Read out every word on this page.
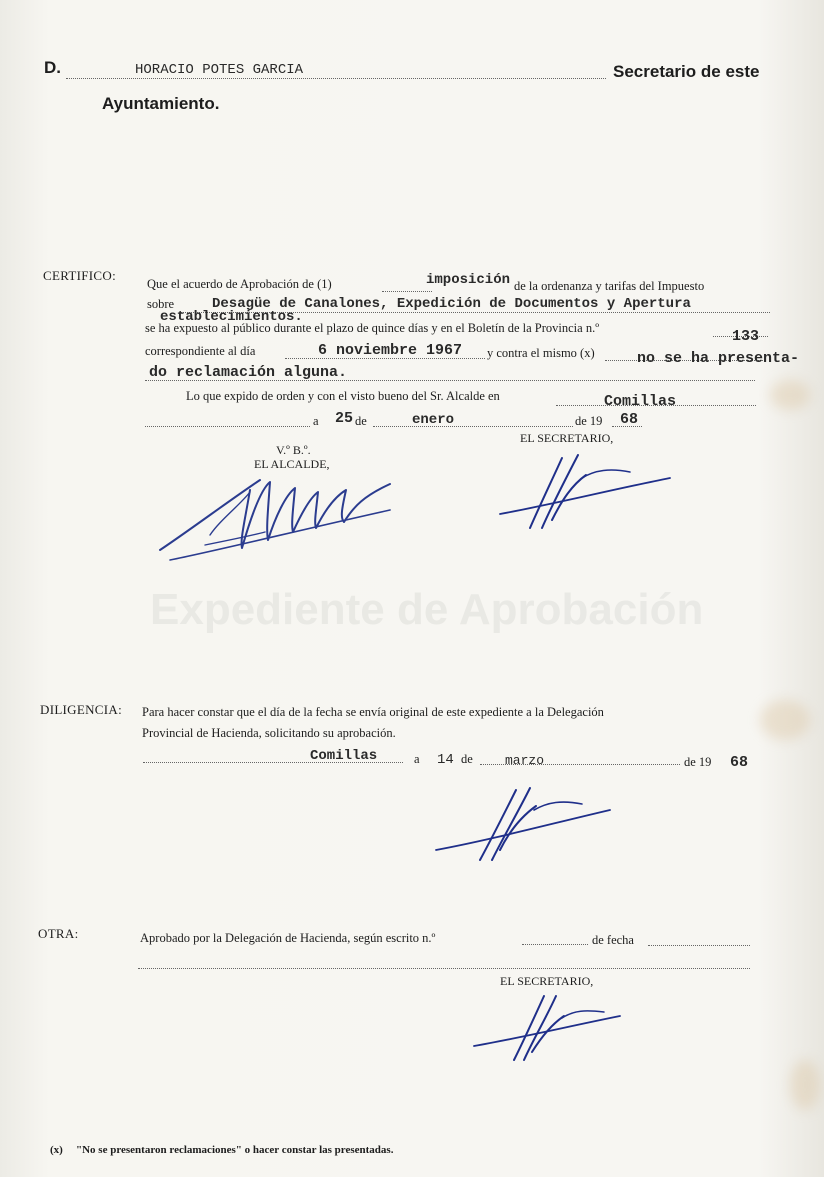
Expediente de Aprobación
D.	HORACIO POTES GARCIA	Secretario de este
Ayuntamiento.
CERTIFICO:
Que el acuerdo de Aprobación de (1)	imposición de la ordenanza y tarifas del Impuesto
sobre	Desagüe de Canalones, Expedición de Documentos y Apertura
establecimientos.
se ha expuesto al público durante el plazo de quince días y en el Boletín de la Provincia n.º	133
correspondiente al día	6 noviembre 1967 y contra el mismo (x)	no se ha presenta-
do reclamación alguna.
Lo que expido de orden y con el visto bueno del Sr. Alcalde en	Comillas
a 25 de	enero	de 19 68
V.º B.º.
EL ALCALDE,
EL SECRETARIO,
DILIGENCIA: Para hacer constar que el día de la fecha se envía original de este expediente a la Delegación
Provincial de Hacienda, solicitando su aprobación.
Comillas	a 14 de marzo	de 19 68
OTRA:	Aprobado por la Delegación de Hacienda, según escrito n.º	de fecha
EL SECRETARIO,
(x) "No se presentaron reclamaciones" o hacer constar las presentadas.
